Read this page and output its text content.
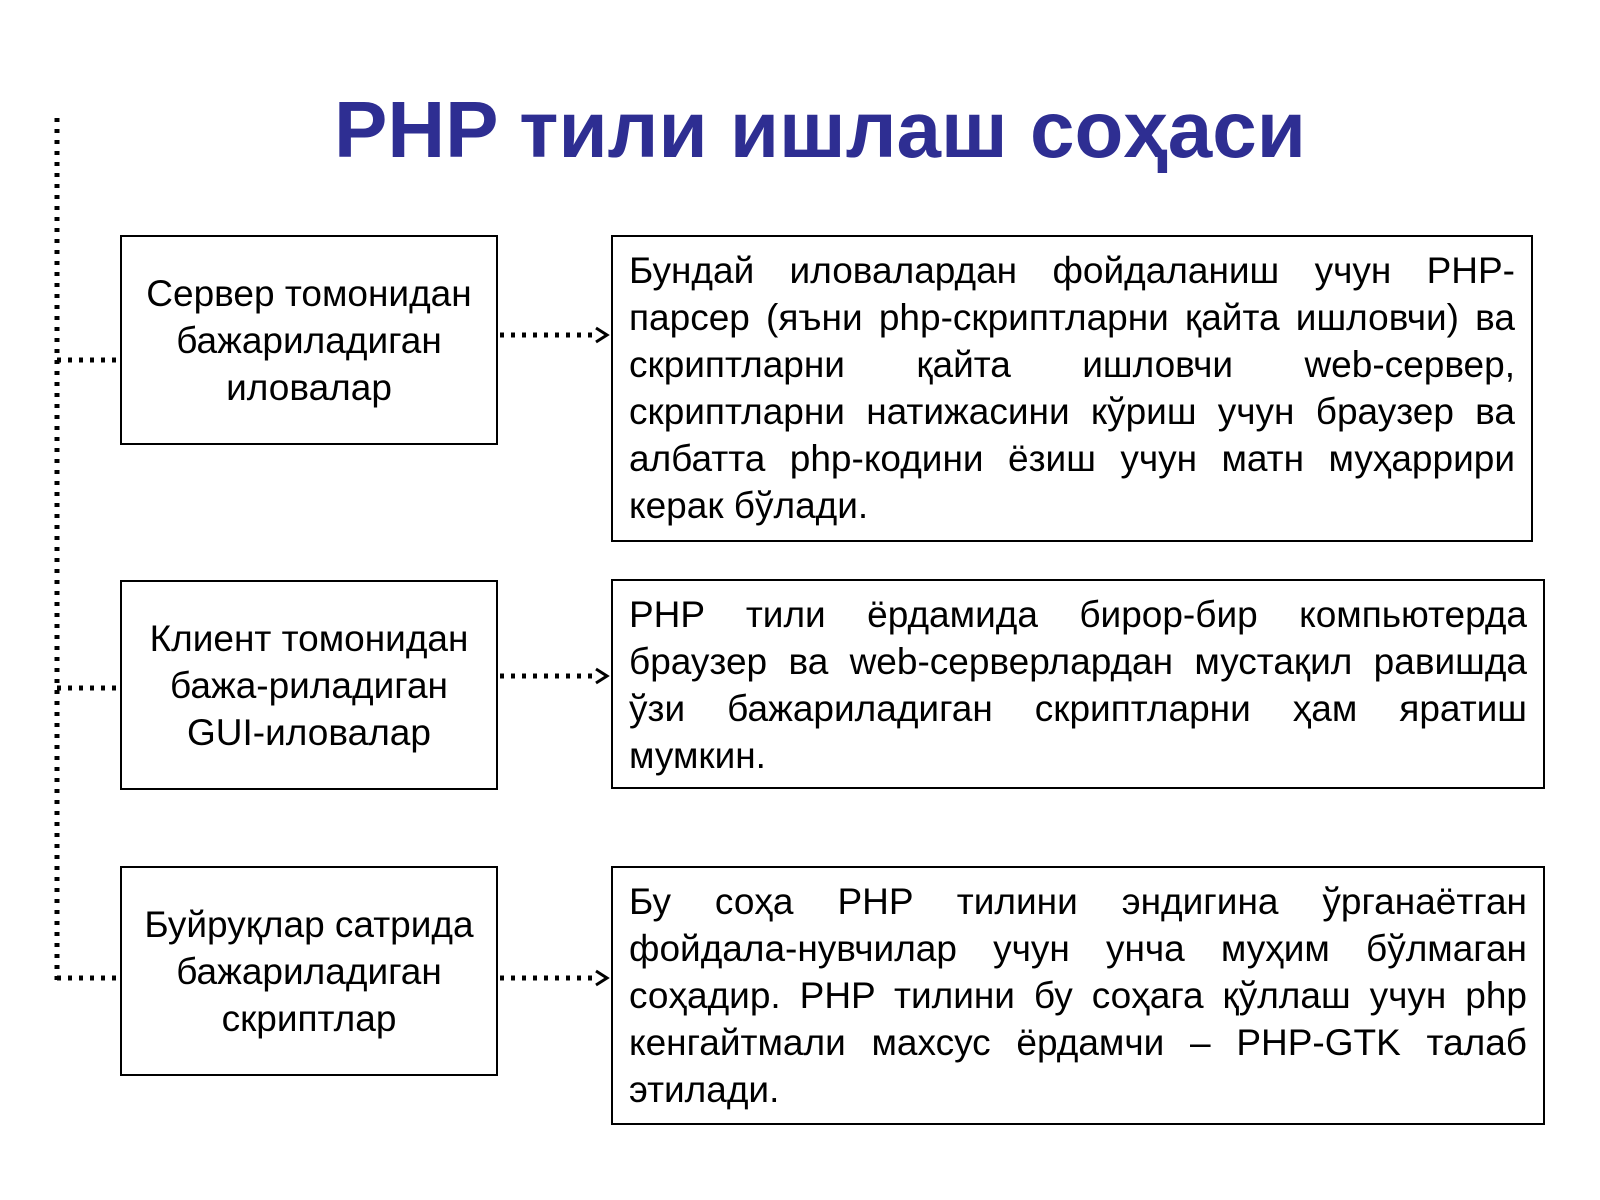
PHP тили ишлаш соҳаси
Сервер томонидан бажариладиган иловалар
Клиент томонидан бажа-риладиган GUI-иловалар
Буйруқлар сатрида бажариладиган скриптлар
Бундай иловалардан фойдаланиш учун PHP-парсер (яъни php-скриптларни қайта ишловчи) ва скриптларни қайта ишловчи web-сервер, скриптларни натижасини кўриш учун браузер ва албатта php-кодини ёзиш учун матн муҳаррири керак бўлади.
PHP тили ёрдамида бирор-бир компьютерда браузер ва web-серверлардан мустақил равишда ўзи бажариладиган скриптларни ҳам яратиш мумкин.
Бу соҳа PHP тилини эндигина ўрганаётган фойдала-нувчилар учун унча муҳим бўлмаган соҳадир. PHP тилини бу соҳага қўллаш учун php кенгайтмали махсус ёрдамчи – PHP-GTK талаб этилади.
